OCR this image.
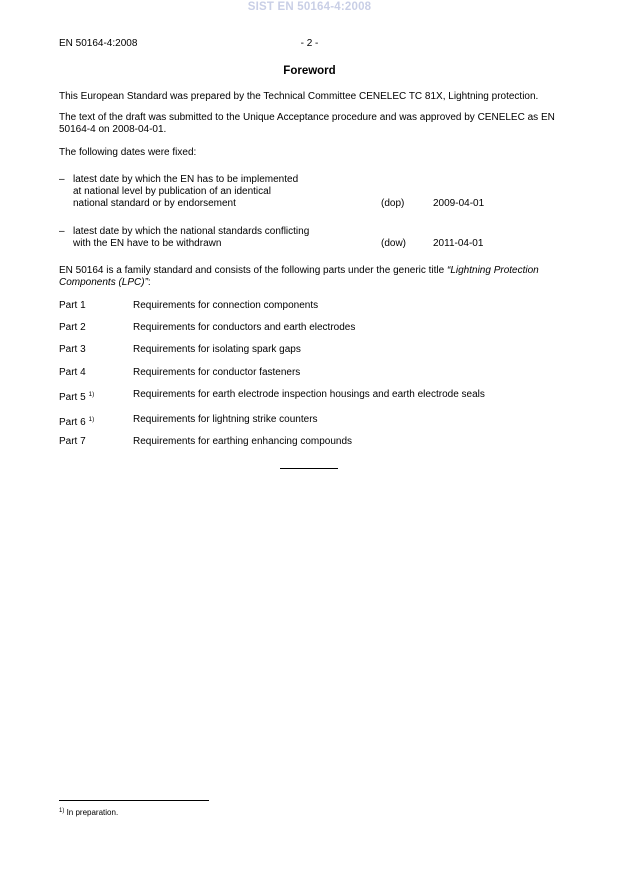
SIST EN 50164-4:2008
EN 50164-4:2008	- 2 -
Foreword
This European Standard was prepared by the Technical Committee CENELEC TC 81X, Lightning protection.
The text of the draft was submitted to the Unique Acceptance procedure and was approved by CENELEC as EN 50164-4 on 2008-04-01.
The following dates were fixed:
– latest date by which the EN has to be implemented
at national level by publication of an identical
national standard or by endorsement	(dop)	2009-04-01
– latest date by which the national standards conflicting
with the EN have to be withdrawn	(dow)	2011-04-01
EN 50164 is a family standard and consists of the following parts under the generic title “Lightning Protection Components (LPC)”:
Part 1	Requirements for connection components
Part 2	Requirements for conductors and earth electrodes
Part 3	Requirements for isolating spark gaps
Part 4	Requirements for conductor fasteners
Part 5 $^{1)}$	Requirements for earth electrode inspection housings and earth electrode seals
Part 6 $^{1)}$	Requirements for lightning strike counters
Part 7	Requirements for earthing enhancing compounds
$^{1)}$ In preparation.
